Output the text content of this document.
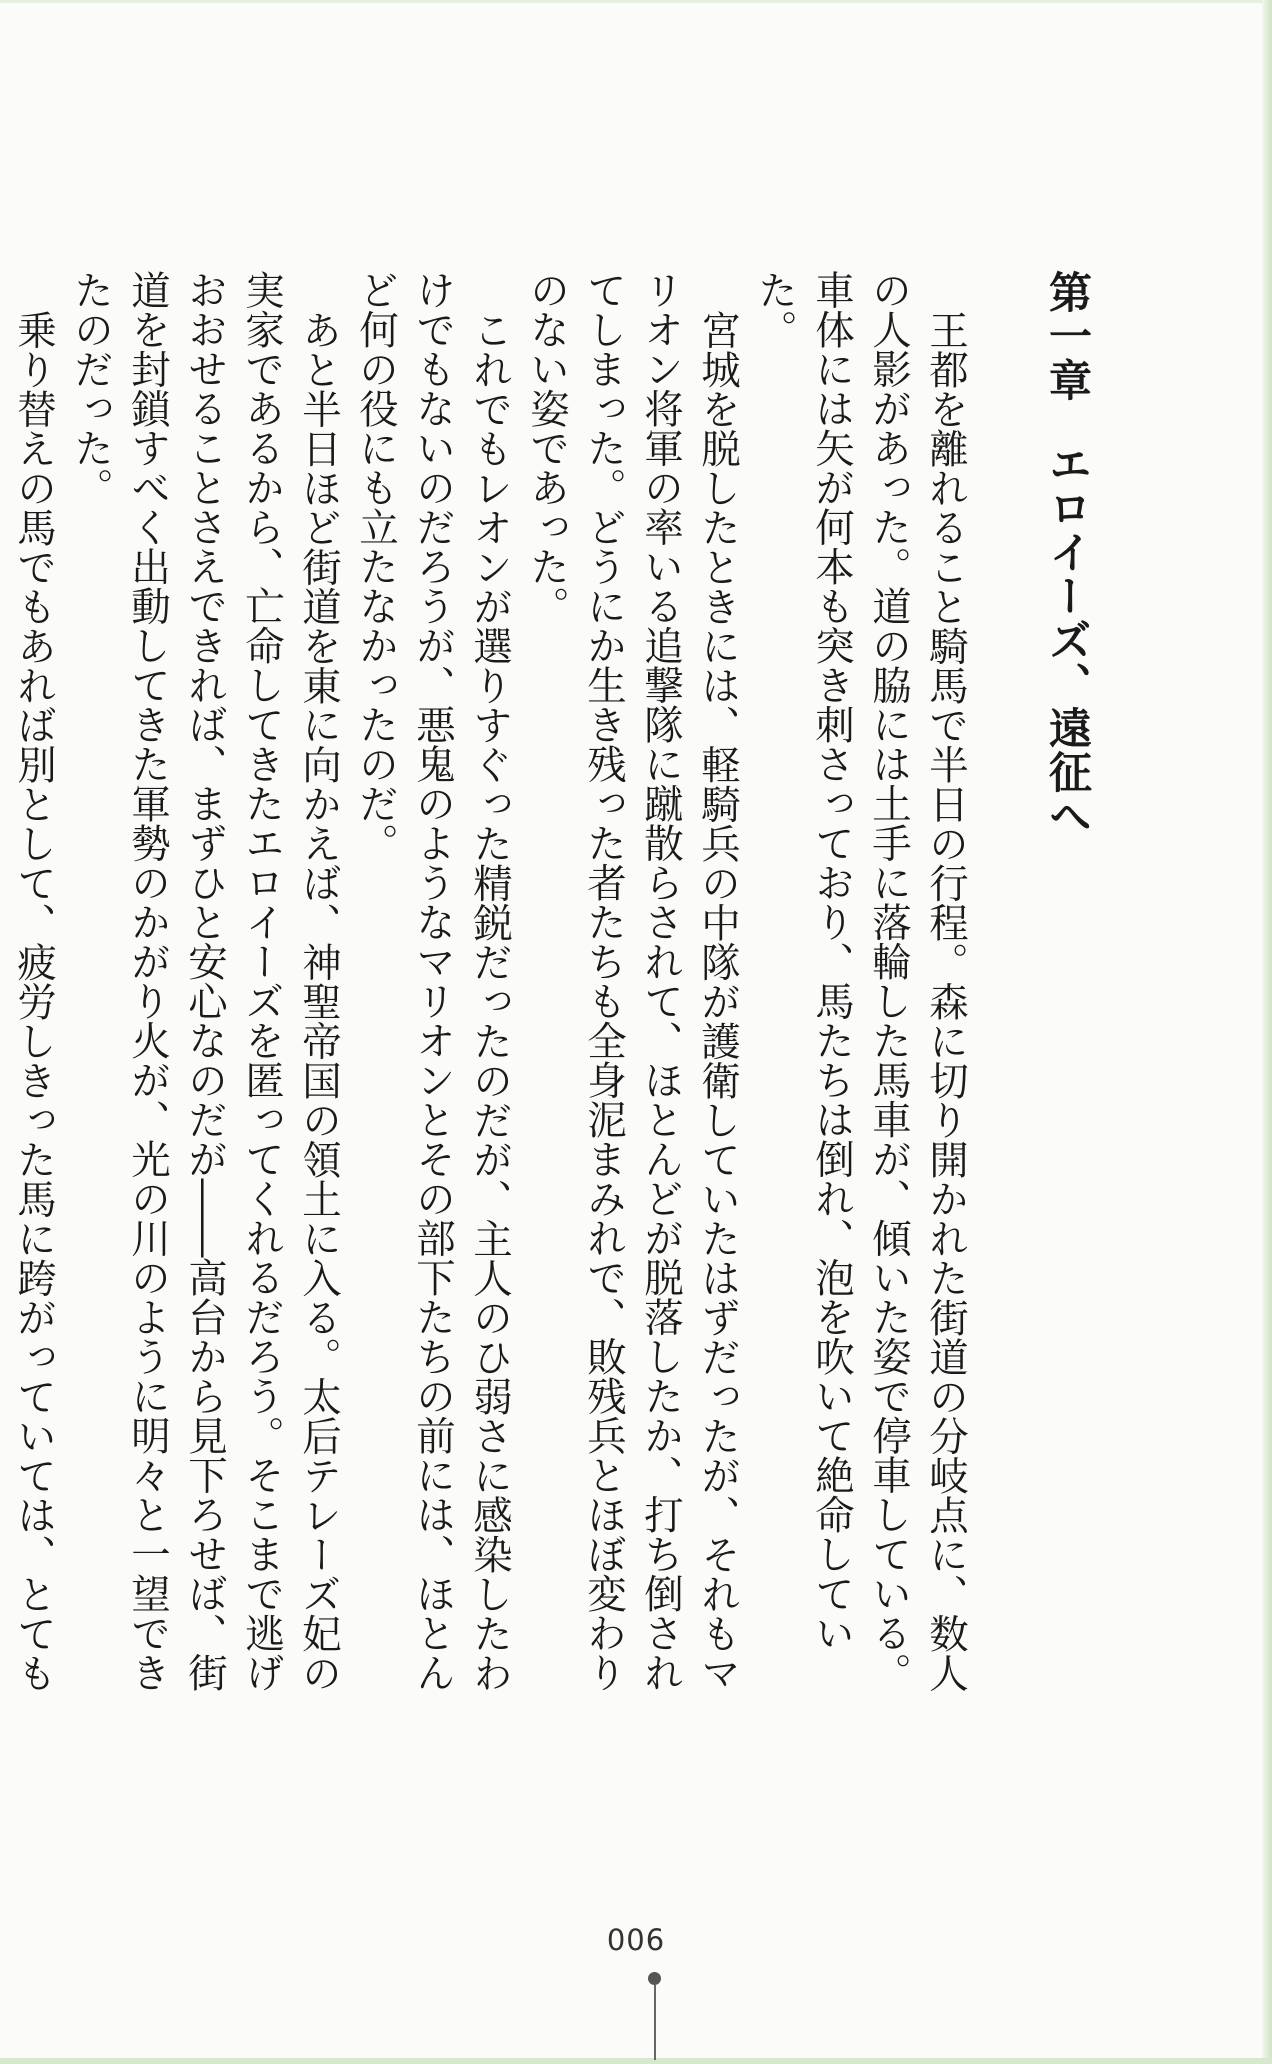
第一章エロイーズ、遠征へ

王都を離れること騎馬で半日の行程。森に切り開かれた街道の分岐点に、数人の人影があった。道の脇には土手に落輪した馬車が、傾いた姿で停車している。車体には矢が何本も突き刺さっており、馬たちは倒れ、泡を吹いて絶命していた。

宮城を脱したときには、軽騎兵の中隊が護衛していたはずだったが、それもマリオン将軍の率いる追撃隊に蹴散らされて、ほとんどが脱落したか、打ち倒されてしまった。どうにか生き残った者たちも全身泥まみれで、敗残兵とほぼ変わりのない姿であった。

これでもレオンが選りすぐった精鋭だったのだが、主人のひ弱さに感染したわけでもないのだろうが、悪鬼のようなマリオンとその部下たちの前には、ほとんど何の役にも立たなかったのだ。

あと半日ほど街道を東に向かえば、神聖帝国の領土に入る。太后テレーズ妃の実家であるから、亡命してきたエロイーズを匿ってくれるだろう。そこまで逃げおおせることさえできれば、まずひと安心なのだが――高台から見下ろせば、街道を封鎖すべく出動してきた軍勢のかがり火が、光の川のように明々と一望できたのだった。

乗り替えの馬でもあれば別として、疲労しきった馬に跨がっていては、とても

006
